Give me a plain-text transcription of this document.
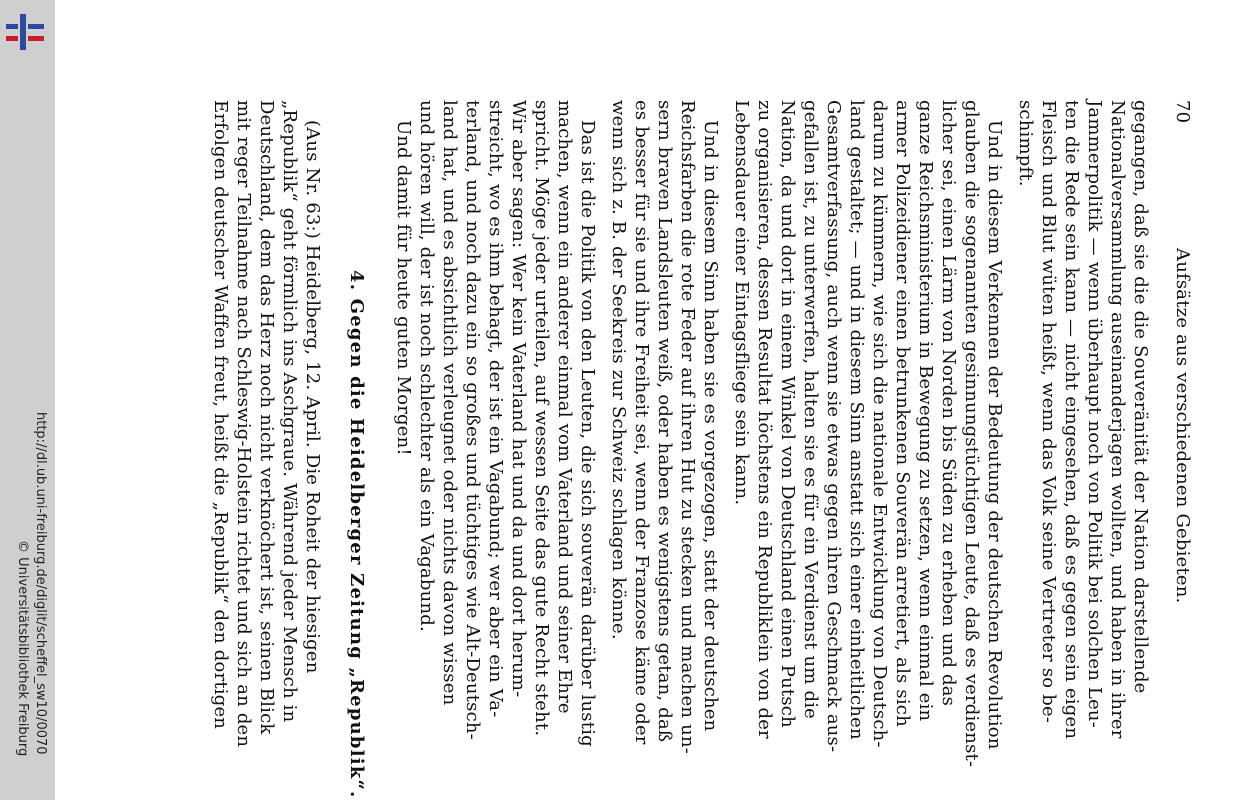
http://dl.ub.uni-freiburg.de/diglit/scheffel_sw10/0070
© Universitätsbibliothek Freiburg
70
Aufsätze aus verschiedenen Gebieten.
gegangen, daß sie die die Souveränität der Nation darstellende
Nationalversammlung auseinanderjagen wollten, und haben in ihrer
Jammerpolitik — wenn überhaupt noch von Politik bei solchen Leu-
ten die Rede sein kann — nicht eingesehen, daß es gegen sein eigen
Fleisch und Blut wüten heißt, wenn das Volk seine Vertreter so be-
schimpft.
Und in diesem Verkennen der Bedeutung der deutschen Revolution
glauben die sogenannten gesinnungstüchtigen Leute, daß es verdienst-
licher sei, einen Lärm von Norden bis Süden zu erheben und das
ganze Reichsministerium in Bewegung zu setzen, wenn einmal ein
armer Polizeidiener einen betrunkenen Souverän arretiert, als sich
darum zu kümmern, wie sich die nationale Entwicklung von Deutsch-
land gestaltet; — und in diesem Sinn anstatt sich einer einheitlichen
Gesamtverfassung, auch wenn sie etwas gegen ihren Geschmack aus-
gefallen ist, zu unterwerfen, halten sie es für ein Verdienst um die
Nation, da und dort in einem Winkel von Deutschland einen Putsch
zu organisieren, dessen Resultat höchstens ein Republiklein von der
Lebensdauer einer Eintagsfliege sein kann.
Und in diesem Sinn haben sie es vorgezogen, statt der deutschen
Reichsfarben die rote Feder auf ihren Hut zu stecken und machen un-
sern braven Landsleuten weiß, oder haben es wenigstens getan, daß
es besser für sie und ihre Freiheit sei, wenn der Franzose käme oder
wenn sich z. B. der Seekreis zur Schweiz schlagen könne.
Das ist die Politik von den Leuten, die sich souverän darüber lustig
machen, wenn ein anderer einmal vom Vaterland und seiner Ehre
spricht. Möge jeder urteilen, auf wessen Seite das gute Recht steht.
Wir aber sagen: Wer kein Vaterland hat und da und dort herum-
streicht, wo es ihm behagt, der ist ein Vagabund; wer aber ein Va-
terland, und noch dazu ein so großes und tüchtiges wie Alt-Deutsch-
land hat, und es absichtlich verleugnet oder nichts davon wissen
und hören will, der ist noch schlechter als ein Vagabund.
Und damit für heute guten Morgen!
4. Gegen die Heidelberger Zeitung „Republik“.
(Aus Nr. 63:) Heidelberg, 12. April. Die Roheit der hiesigen
„Republik“ geht förmlich ins Aschgraue. Während jeder Mensch in
Deutschland, dem das Herz noch nicht verknöchert ist, seinen Blick
mit reger Teilnahme nach Schleswig-Holstein richtet und sich an den
Erfolgen deutscher Waffen freut, heißt die „Republik“ den dortigen
